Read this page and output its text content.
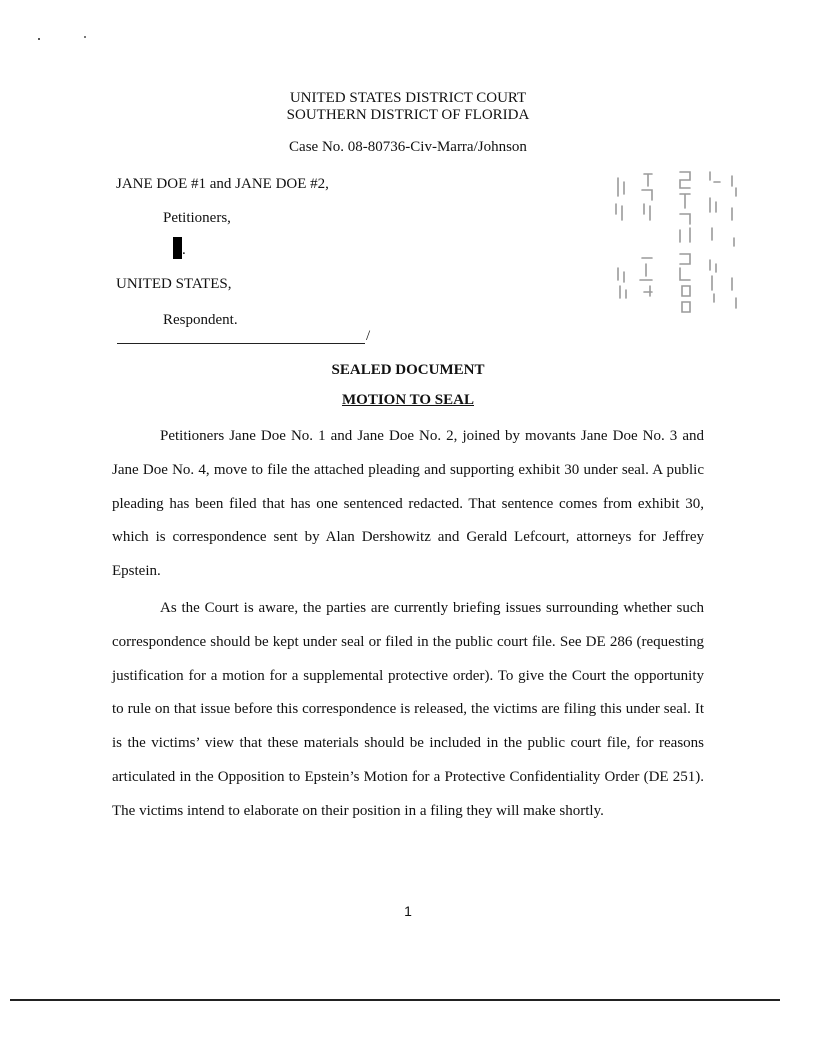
UNITED STATES DISTRICT COURT
SOUTHERN DISTRICT OF FLORIDA
Case No. 08-80736-Civ-Marra/Johnson
JANE DOE #1 and JANE DOE #2,
Petitioners,
.
UNITED STATES,
Respondent.
/
SEALED DOCUMENT
MOTION TO SEAL
Petitioners Jane Doe No. 1 and Jane Doe No. 2, joined by movants Jane Doe No. 3 and Jane Doe No. 4, move to file the attached pleading and supporting exhibit 30 under seal. A public pleading has been filed that has one sentenced redacted. That sentence comes from exhibit 30, which is correspondence sent by Alan Dershowitz and Gerald Lefcourt, attorneys for Jeffrey Epstein.
As the Court is aware, the parties are currently briefing issues surrounding whether such correspondence should be kept under seal or filed in the public court file. See DE 286 (requesting justification for a motion for a supplemental protective order). To give the Court the opportunity to rule on that issue before this correspondence is released, the victims are filing this under seal. It is the victims’ view that these materials should be included in the public court file, for reasons articulated in the Opposition to Epstein’s Motion for a Protective Confidentiality Order (DE 251). The victims intend to elaborate on their position in a filing they will make shortly.
1
